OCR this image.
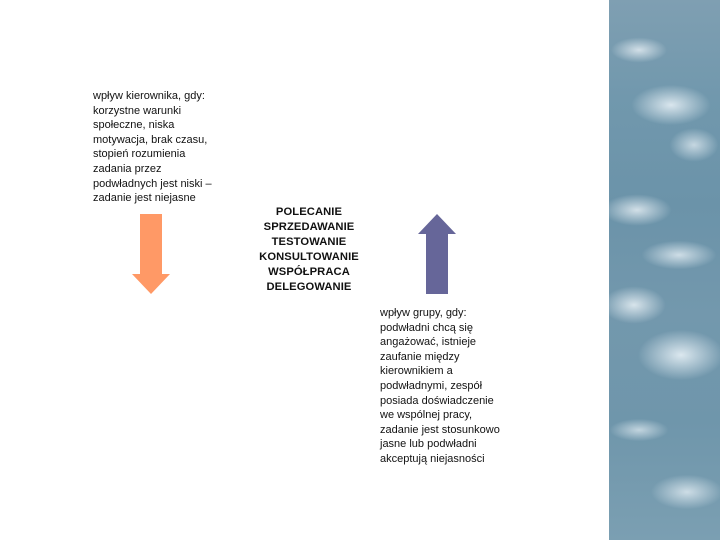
wpływ kierownika, gdy:
korzystne warunki
społeczne, niska
motywacja, brak czasu,
stopień rozumienia
zadania przez
podwładnych jest niski –
zadanie jest niejasne
POLECANIE
SPRZEDAWANIE
TESTOWANIE
KONSULTOWANIE
WSPÓŁPRACA
DELEGOWANIE
wpływ grupy, gdy:
podwładni chcą się
angażować, istnieje
zaufanie między
kierownikiem a
podwładnymi, zespół
posiada doświadczenie
we wspólnej pracy,
zadanie jest stosunkowo
jasne lub podwładni
akceptują niejasności
